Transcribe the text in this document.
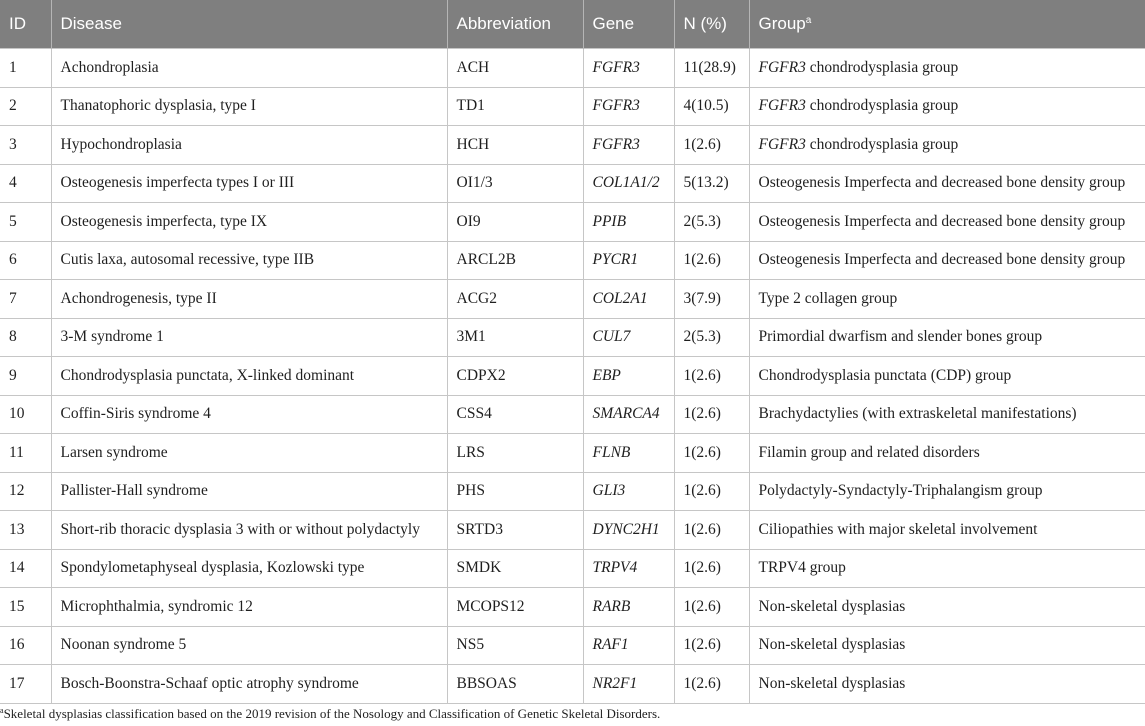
ID	Disease	Abbreviation	Gene	N (%)	Group$^a$
1	Achondroplasia	ACH	FGFR3	11(28.9)	FGFR3 chondrodysplasia group
2	Thanatophoric dysplasia, type I	TD1	FGFR3	4(10.5)	FGFR3 chondrodysplasia group
3	Hypochondroplasia	HCH	FGFR3	1(2.6)	FGFR3 chondrodysplasia group
4	Osteogenesis imperfecta types I or III	OI1/3	COL1A1/2	5(13.2)	Osteogenesis Imperfecta and decreased bone density group
5	Osteogenesis imperfecta, type IX	OI9	PPIB	2(5.3)	Osteogenesis Imperfecta and decreased bone density group
6	Cutis laxa, autosomal recessive, type IIB	ARCL2B	PYCR1	1(2.6)	Osteogenesis Imperfecta and decreased bone density group
7	Achondrogenesis, type II	ACG2	COL2A1	3(7.9)	Type 2 collagen group
8	3-M syndrome 1	3M1	CUL7	2(5.3)	Primordial dwarfism and slender bones group
9	Chondrodysplasia punctata, X-linked dominant	CDPX2	EBP	1(2.6)	Chondrodysplasia punctata (CDP) group
10	Coffin-Siris syndrome 4	CSS4	SMARCA4	1(2.6)	Brachydactylies (with extraskeletal manifestations)
11	Larsen syndrome	LRS	FLNB	1(2.6)	Filamin group and related disorders
12	Pallister-Hall syndrome	PHS	GLI3	1(2.6)	Polydactyly-Syndactyly-Triphalangism group
13	Short-rib thoracic dysplasia 3 with or without polydactyly	SRTD3	DYNC2H1	1(2.6)	Ciliopathies with major skeletal involvement
14	Spondylometaphyseal dysplasia, Kozlowski type	SMDK	TRPV4	1(2.6)	TRPV4 group
15	Microphthalmia, syndromic 12	MCOPS12	RARB	1(2.6)	Non-skeletal dysplasias
16	Noonan syndrome 5	NS5	RAF1	1(2.6)	Non-skeletal dysplasias
17	Bosch-Boonstra-Schaaf optic atrophy syndrome	BBSOAS	NR2F1	1(2.6)	Non-skeletal dysplasias
$^a$Skeletal dysplasias classification based on the 2019 revision of the Nosology and Classification of Genetic Skeletal Disorders.
